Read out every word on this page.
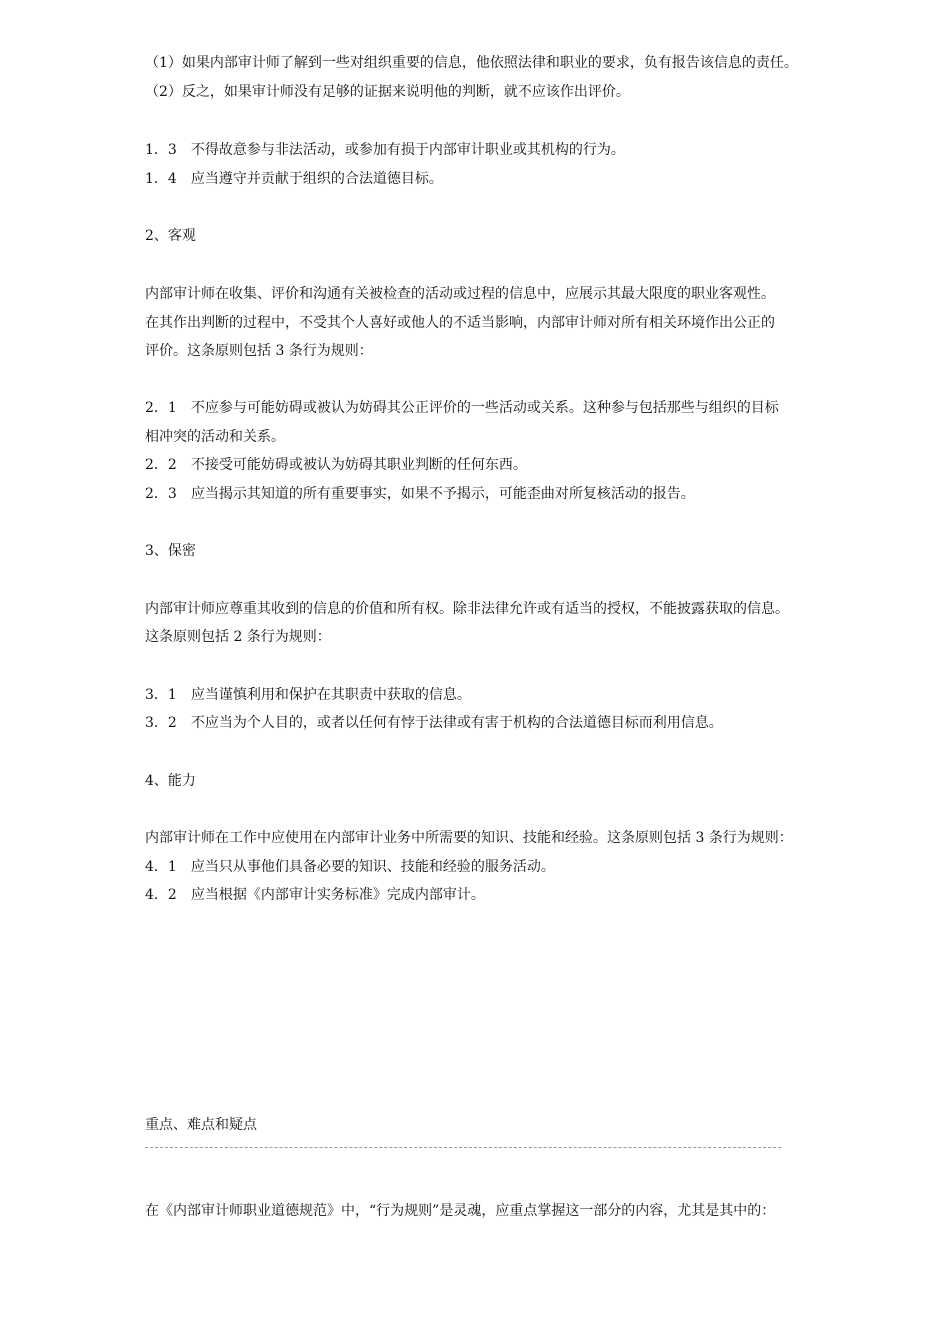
（1）如果内部审计师了解到一些对组织重要的信息，他依照法律和职业的要求，负有报告该信息的责任。
（2）反之，如果审计师没有足够的证据来说明他的判断，就不应该作出评价。
1．3　不得故意参与非法活动，或参加有损于内部审计职业或其机构的行为。
1．4　应当遵守并贡献于组织的合法道德目标。
2、客观
内部审计师在收集、评价和沟通有关被检查的活动或过程的信息中，应展示其最大限度的职业客观性。
在其作出判断的过程中，不受其个人喜好或他人的不适当影响，内部审计师对所有相关环境作出公正的
评价。这条原则包括 3 条行为规则：
2．1　不应参与可能妨碍或被认为妨碍其公正评价的一些活动或关系。这种参与包括那些与组织的目标
相冲突的活动和关系。
2．2　不接受可能妨碍或被认为妨碍其职业判断的任何东西。
2．3　应当揭示其知道的所有重要事实，如果不予揭示，可能歪曲对所复核活动的报告。
3、保密
内部审计师应尊重其收到的信息的价值和所有权。除非法律允许或有适当的授权，不能披露获取的信息。
这条原则包括 2 条行为规则：
3．1　应当谨慎利用和保护在其职责中获取的信息。
3．2　不应当为个人目的，或者以任何有悖于法律或有害于机构的合法道德目标而利用信息。
4、能力
内部审计师在工作中应使用在内部审计业务中所需要的知识、技能和经验。这条原则包括 3 条行为规则：
4．1　应当只从事他们具备必要的知识、技能和经验的服务活动。
4．2　应当根据《内部审计实务标准》完成内部审计。
重点、难点和疑点
在《内部审计师职业道德规范》中，“行为规则”是灵魂，应重点掌握这一部分的内容，尤其是其中的：
